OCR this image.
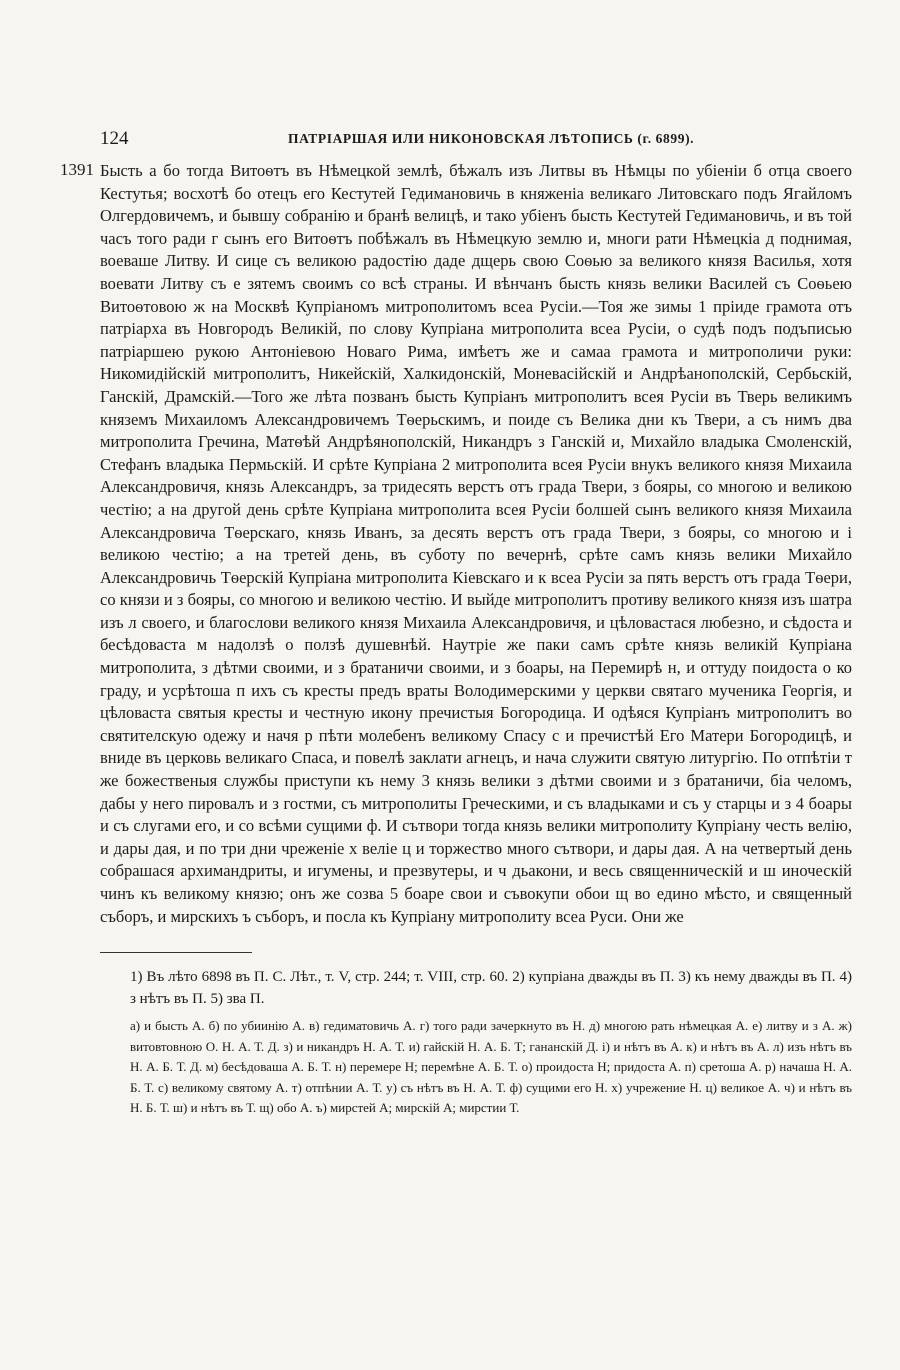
124	ПАТРІАРШАЯ ИЛИ НИКОНОВСКАЯ ЛѢТОПИСЬ (г. 6899).
1391 Бысть а бо тогда Витоѳтъ въ Нѣмецкой землѣ, бѣжалъ изъ Литвы въ Нѣмцы по убіеніи б отца своего Кестутья; восхотѣ бо отецъ его Кестутей Гедимановичь в княженіа великаго Литовскаго подъ Ягайломъ Олгердовичемъ, и бывшу собранію и бранѣ велицѣ, и тако убіенъ бысть Кестутей Гедимановичь, и въ той часъ того ради г сынъ его Витоѳтъ побѣжалъ въ Нѣмецкую землю и, многи рати Нѣмецкіа д поднимая, воеваше Литву. И сице съ великою радостію даде дщерь свою Соѳью за великого князя Василья, хотя воевати Литву съ е зятемъ своимъ со всѣ страны. И вѣнчанъ бысть князь велики Василей съ Соѳьею Витоѳтовою ж на Москвѣ Купріаномъ митрополитомъ всеа Русіи.—Тоя же зимы 1 пріиде грамота отъ патріарха въ Новгородъ Великій, по слову Купріана митрополита всеа Русіи, о судѣ подъ подъписью патріаршею рукою Антоніевою Новаго Рима, имѣетъ же и самаа грамота и митрополичи руки: Никомидійскій митрополитъ, Никейскій, Халкидонскій, Моневасійскій и Андрѣанополскій, Сербьскій, Ганскій, Драмскій.—Того же лѣта позванъ бысть Купріанъ митрополитъ всея Русіи въ Тверь великимъ княземъ Михаиломъ Александровичемъ Тѳерьскимъ, и поиде съ Велика дни къ Твери, а съ нимъ два митрополита Гречина, Матѳѣй Андрѣянополскій, Никандръ з Ганскій и, Михайло владыка Смоленскій, Стефанъ владыка Пермьскій. И срѣте Купріана 2 митрополита всея Русіи внукъ великого князя Михаила Александровичя, князь Александръ, за тридесять верстъ отъ града Твери, з бояры, со многою и великою честію; а на другой день срѣте Купріана митрополита всея Русіи болшей сынъ великого князя Михаила Александровича Тѳерскаго, князь Иванъ, за десять верстъ отъ града Твери, з бояры, со многою и і великою честію; а на третей день, въ суботу по вечернѣ, срѣте самъ князь велики Михайло Александровичь Тѳерскій Купріана митрополита Кіевскаго и к всеа Русіи за пять верстъ отъ града Тѳери, со князи и з бояры, со многою и великою честію. И выйде митрополитъ противу великого князя изъ шатра изъ л своего, и благослови великого князя Михаила Александровичя, и цѣловастася любезно, и сѣдоста и бесѣдоваста м надолзѣ о ползѣ душевнѣй. Наутріе же паки самъ срѣте князь великій Купріана митрополита, з дѣтми своими, и з братаничи своими, и з боары, на Перемирѣ н, и оттуду поидоста о ко граду, и усрѣтоша п ихъ съ кресты предъ враты Володимерскими у церкви святаго мученика Георгія, и цѣловаста святыя кресты и честную икону пречистыя Богородица. И одѣяся Купріанъ митрополитъ во святителскую одежу и начя р пѣти молебенъ великому Спасу с и пречистѣй Его Матери Богородицѣ, и вниде въ церковь великаго Спаса, и повелѣ заклати агнецъ, и нача служити святую литургію. По отпѣтіи т же божественыя службы приступи къ нему 3 князь велики з дѣтми своими и з братаничи, біа челомъ, дабы у него пировалъ и з гостми, съ митрополиты Греческими, и съ владыками и съ у старцы и з 4 боары и съ слугами его, и со всѣми сущими ф. И сътвори тогда князь велики митрополиту Купріану честь велію, и дары дая, и по три дни чреженіе х веліе ц и торжество много сътвори, и дары дая. А на четвертый день собрашася архимандриты, и игумены, и презвутеры, и ч дьакони, и весь священническій и ш иноческій чинъ къ великому князю; онъ же созва 5 боаре свои и съвокупи обои щ во едино мѣсто, и священный съборъ, и мирскихъ ъ съборъ, и посла къ Купріану митрополиту всеа Руси. Они же

1) Въ лѣто 6898 въ П. С. Лѣт., т. V, стр. 244; т. VIII, стр. 60. 2) купріана дважды въ П. 3) къ нему дважды въ П. 4) з нѣтъ въ П. 5) зва П.

а) и бысть А. б) по убиинію А. в) гедиматовичь А. г) того ради зачеркнуто въ Н. д) многою рать нѣмецкая А. е) литву и з А. ж) витовтовною О. Н. А. Т. Д. з) и никандръ Н. А. Т. и) гайскій Н. А. Б. Т; гананскій Д. і) и нѣтъ въ А. к) и нѣтъ въ А. л) изъ нѣтъ въ Н. А. Б. Т. Д. м) бесѣдоваша А. Б. Т. н) перемере Н; перемѣне А. Б. Т. о) проидоста Н; придоста А. п) сретоша А. р) начаша Н. А. Б. Т. с) великому святому А. т) отпѣнии А. Т. у) съ нѣтъ въ Н. А. Т. ф) сущими его Н. х) учрежение Н. ц) великое А. ч) и нѣтъ въ Н. Б. Т. ш) и нѣтъ въ Т. щ) обо А. ъ) мирстей А; мирскій А; мирстии Т.
